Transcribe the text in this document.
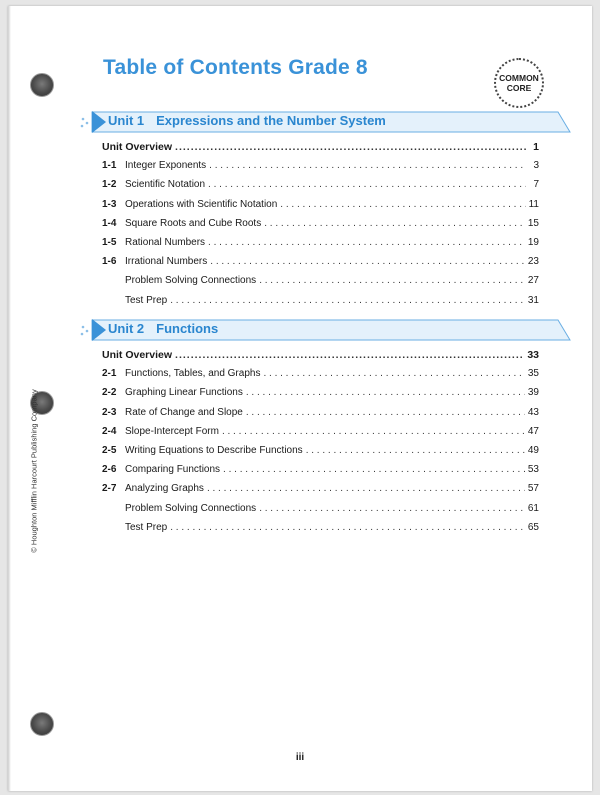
Table of Contents Grade 8	COMMON
CORE
Unit 1 Expressions and the Number System
Unit Overview .....	1
1-1 Integer Exponents . . .	3
1-2 Scientific Notation . . .	7
1-3 Operations with Scientific Notation . . .	11
1-4 Square Roots and Cube Roots . . .	15
1-5 Rational Numbers . . .	19
1-6 Irrational Numbers . . .	23
Problem Solving Connections . . .	27
Test Prep . . .	31
Unit 2 Functions
Unit Overview .....	33
2-1 Functions, Tables, and Graphs . . .	35
2-2 Graphing Linear Functions . . .	39
2-3 Rate of Change and Slope . . .	43
2-4 Slope-Intercept Form . . .	47
2-5 Writing Equations to Describe Functions . . .	49
2-6 Comparing Functions . . .	53
2-7 Analyzing Graphs . . .	57
Problem Solving Connections . . .	61
Test Prep . . .	65
© Houghton Mifflin Harcourt Publishing Company
iii
